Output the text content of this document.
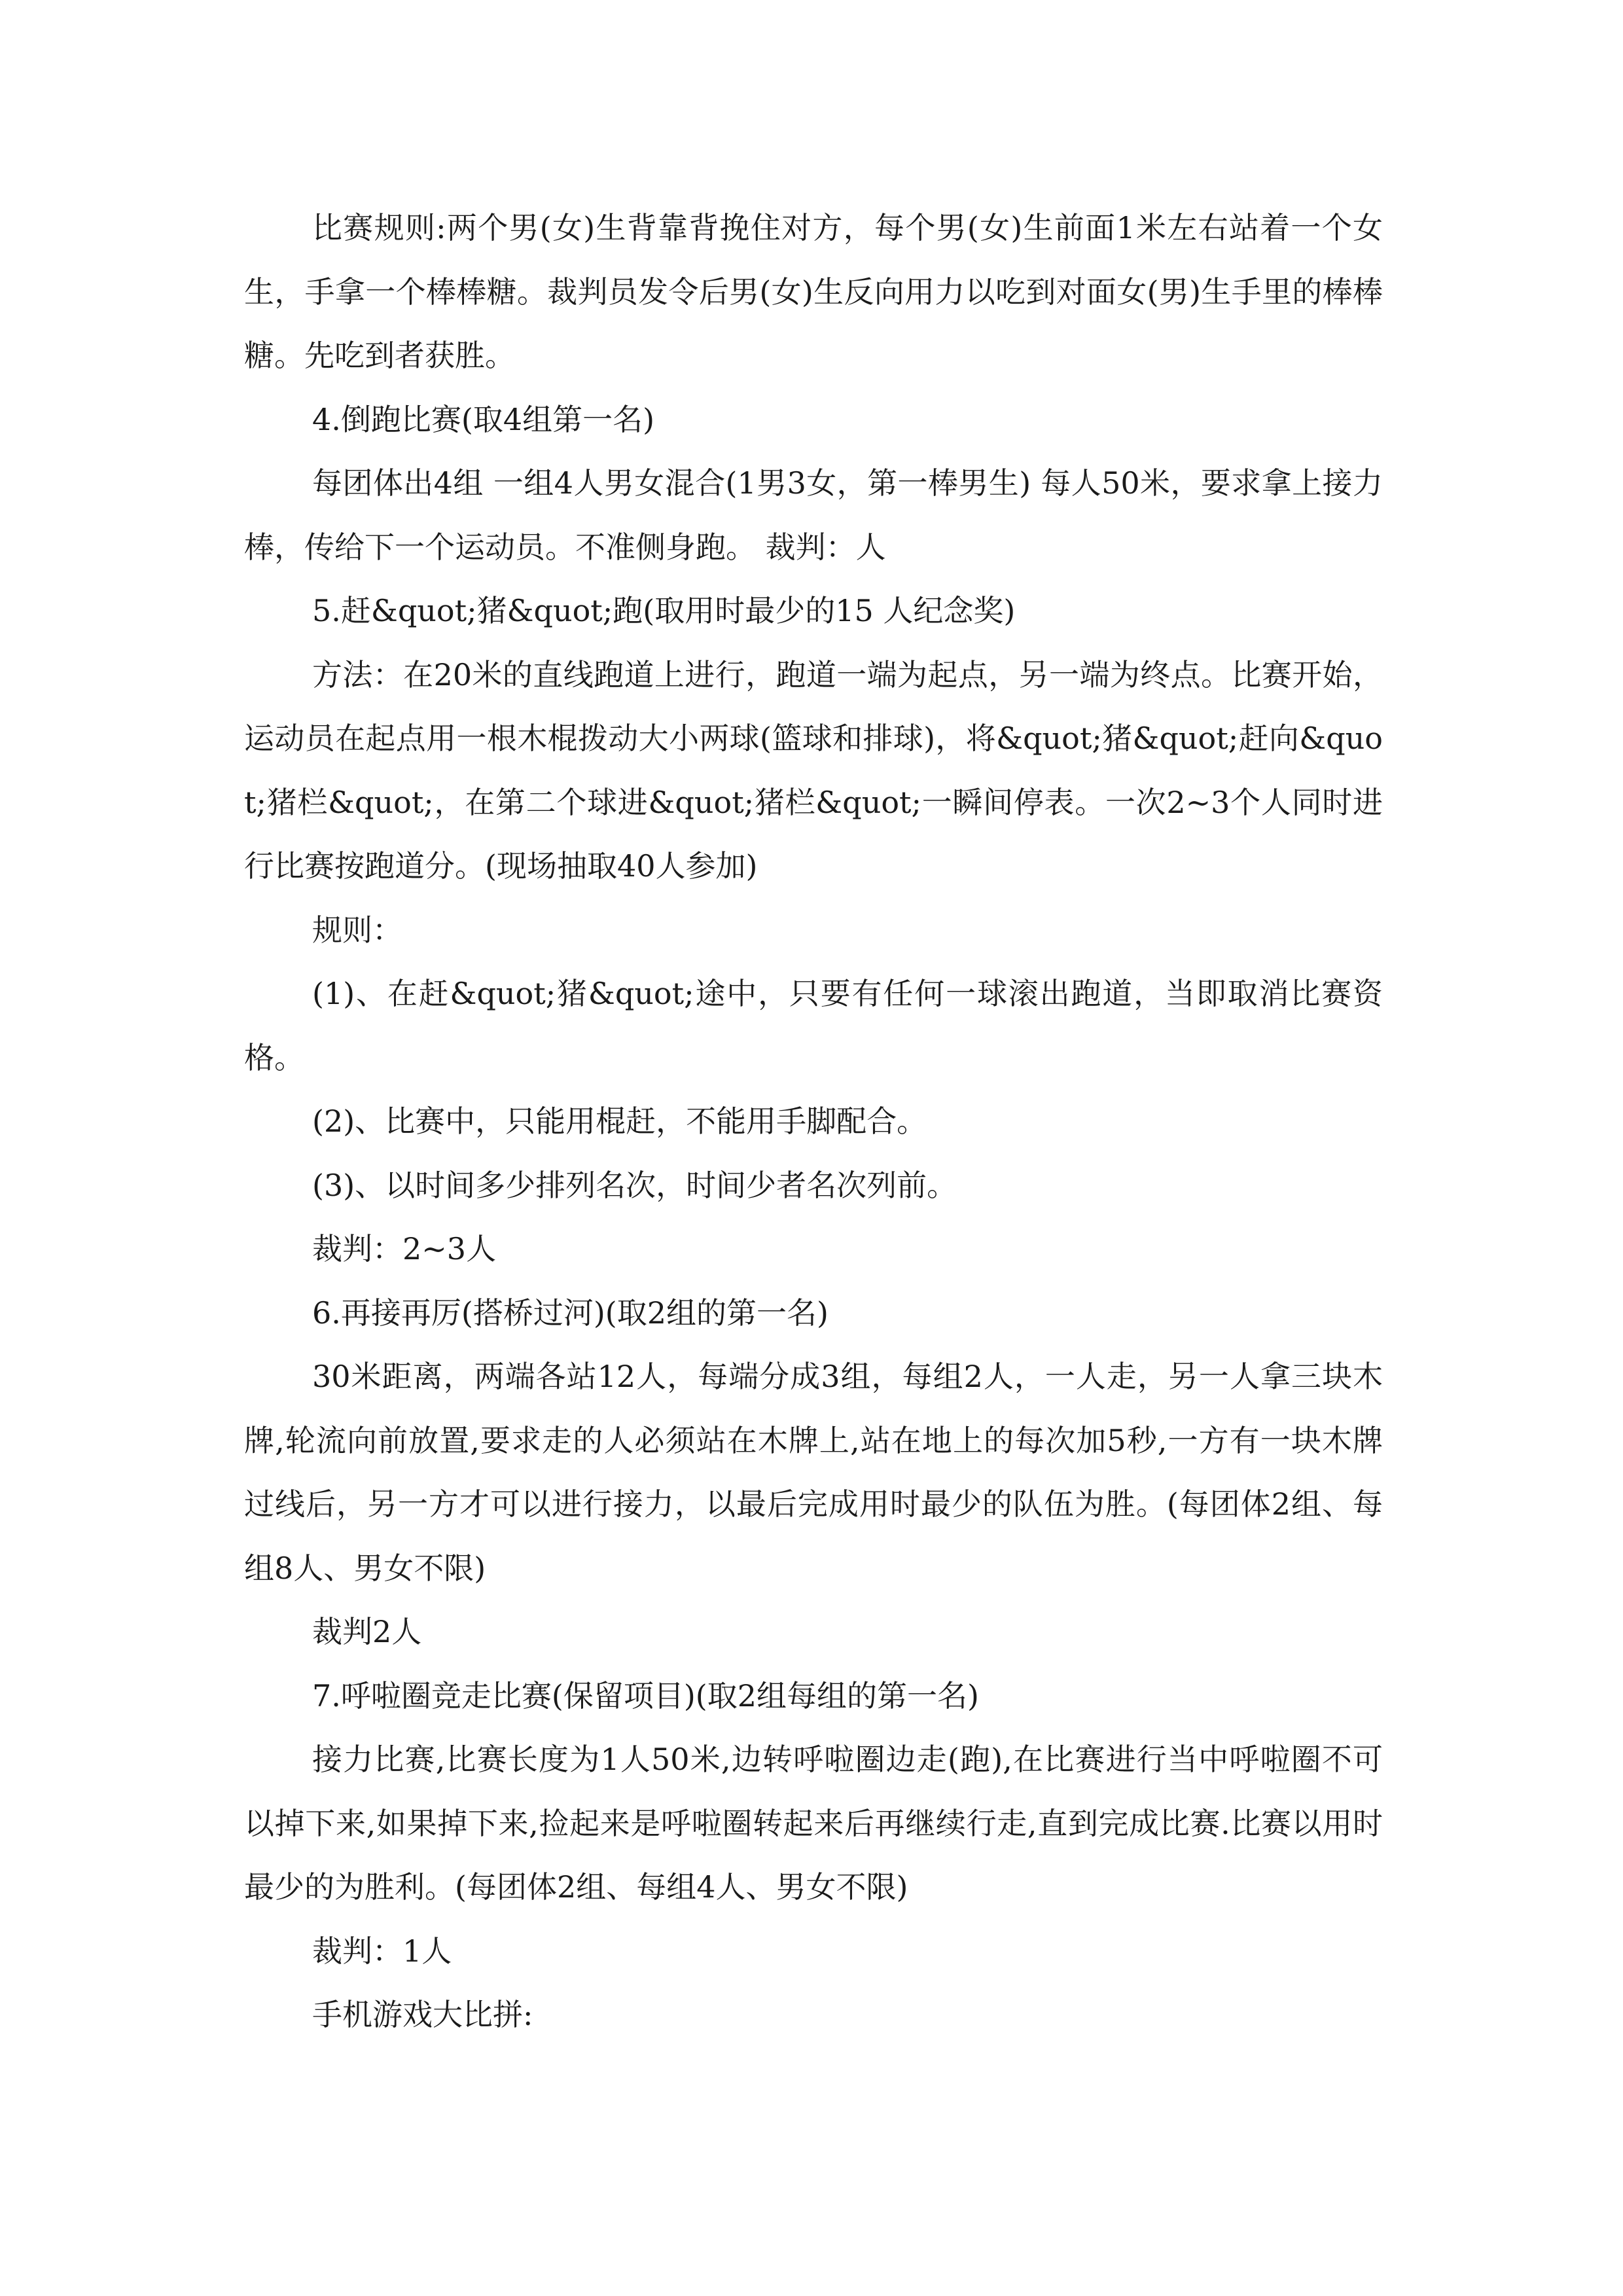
比赛规则:两个男(女)生背靠背挽住对方，每个男(女)生前面1米左右站着一个女生，手拿一个棒棒糖。裁判员发令后男(女)生反向用力以吃到对面女(男)生手里的棒棒糖。先吃到者获胜。

4.倒跑比赛(取4组第一名)

每团体出4组 一组4人男女混合(1男3女，第一棒男生) 每人50米，要求拿上接力棒，传给下一个运动员。不准侧身跑。 裁判：人

5.赶&quot;猪&quot;跑(取用时最少的15 人纪念奖)

方法：在20米的直线跑道上进行，跑道一端为起点，另一端为终点。比赛开始，运动员在起点用一根木棍拨动大小两球(篮球和排球)，将&quot;猪&quot;赶向&quot;猪栏&quot;，在第二个球进&quot;猪栏&quot;一瞬间停表。一次2~3个人同时进行比赛按跑道分。(现场抽取40人参加)

规则：

(1)、在赶&quot;猪&quot;途中，只要有任何一球滚出跑道，当即取消比赛资格。

(2)、比赛中，只能用棍赶，不能用手脚配合。

(3)、以时间多少排列名次，时间少者名次列前。

裁判：2~3人

6.再接再厉(搭桥过河)(取2组的第一名)

30米距离，两端各站12人，每端分成3组，每组2人，一人走，另一人拿三块木牌,轮流向前放置,要求走的人必须站在木牌上,站在地上的每次加5秒,一方有一块木牌过线后，另一方才可以进行接力，以最后完成用时最少的队伍为胜。(每团体2组、每组8人、男女不限)

裁判2人

7.呼啦圈竞走比赛(保留项目)(取2组每组的第一名)

接力比赛,比赛长度为1人50米,边转呼啦圈边走(跑),在比赛进行当中呼啦圈不可以掉下来,如果掉下来,捡起来是呼啦圈转起来后再继续行走,直到完成比赛.比赛以用时最少的为胜利。(每团体2组、每组4人、男女不限)

裁判：1人

手机游戏大比拼:
